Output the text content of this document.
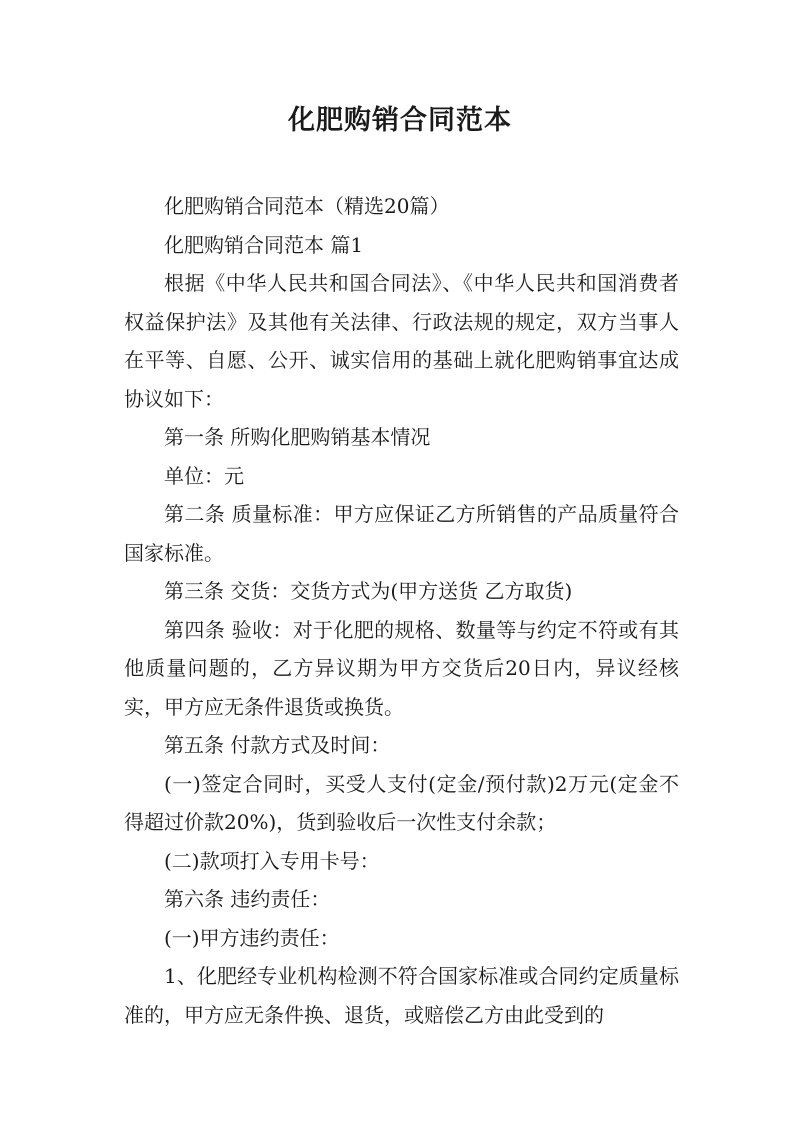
化肥购销合同范本

化肥购销合同范本（精选20篇）

化肥购销合同范本 篇1

根据《中华人民共和国合同法》、《中华人民共和国消费者权益保护法》及其他有关法律、行政法规的规定，双方当事人在平等、自愿、公开、诚实信用的基础上就化肥购销事宜达成协议如下：

第一条 所购化肥购销基本情况

单位：元

第二条 质量标准：甲方应保证乙方所销售的产品质量符合国家标准。

第三条 交货：交货方式为(甲方送货 乙方取货)

第四条 验收：对于化肥的规格、数量等与约定不符或有其他质量问题的，乙方异议期为甲方交货后20日内，异议经核实，甲方应无条件退货或换货。

第五条 付款方式及时间：

(一)签定合同时，买受人支付(定金/预付款)2万元(定金不得超过价款20%)，货到验收后一次性支付余款；

(二)款项打入专用卡号：

第六条 违约责任：

(一)甲方违约责任：

1、化肥经专业机构检测不符合国家标准或合同约定质量标准的，甲方应无条件换、退货，或赔偿乙方由此受到的
